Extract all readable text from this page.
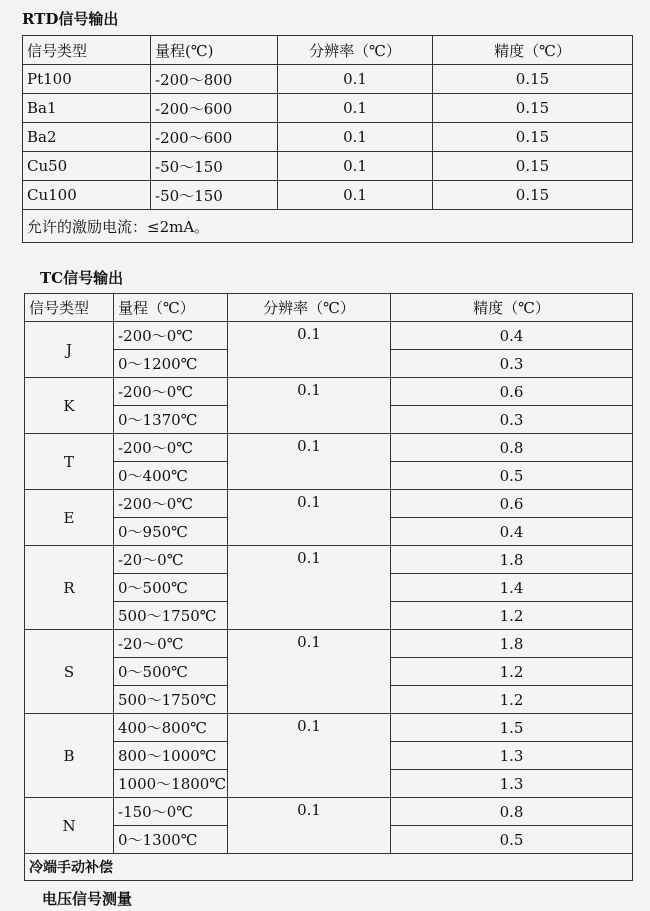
RTD信号输出
信号类型	量程(℃)	分辨率（℃）	精度（℃）
Pt100	-200～800	0.1	0.15
Ba1	-200～600	0.1	0.15
Ba2	-200～600	0.1	0.15
Cu50	-50～150	0.1	0.15
Cu100	-50～150	0.1	0.15
允许的激励电流：≤2mA。			
TC信号输出
信号类型	量程（℃）	分辨率（℃）	精度（℃）
J	-200～0℃	0.1	0.4
	0～1200℃		0.3
K	-200～0℃	0.1	0.6
	0～1370℃		0.3
T	-200～0℃	0.1	0.8
	0～400℃		0.5
E	-200～0℃	0.1	0.6
	0～950℃		0.4
R	-20～0℃	0.1	1.8
	0～500℃		1.4
	500～1750℃		1.2
S	-20～0℃	0.1	1.8
	0～500℃		1.2
	500～1750℃		1.2
B	400～800℃	0.1	1.5
	800～1000℃		1.3
	1000～1800℃		1.3
N	-150～0℃	0.1	0.8
	0～1300℃		0.5
冷端手动补偿			
电压信号测量
